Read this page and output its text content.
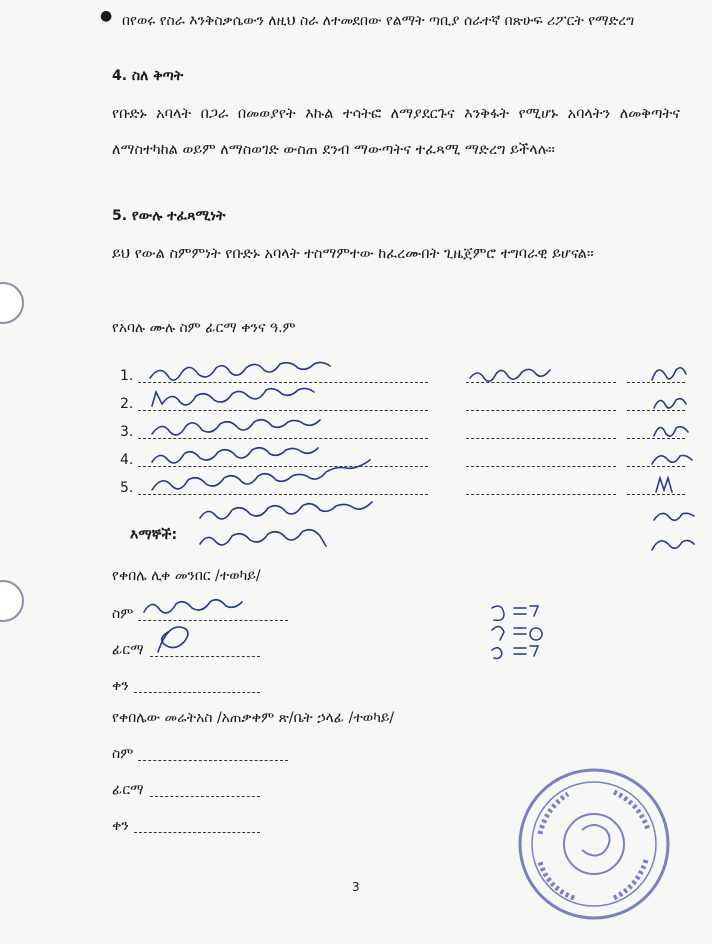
● በየወሩ የስራ እንቅስቃሴውን ለዚህ ስራ ለተመደበው የልማት ጣቢያ ሰራተኛ በጽሁፍ ሪፖርት የማድረግ
4. ስለ ቅጣት
የቡድኑ አባላት በጋራ በመወያየት እኩል ተሳትፎ ለማያደርጉና እንቅፋት የሚሆኑ አባላትን ለመቅጣትና ለማስተካከል ወይም ለማስወገድ ውስጠ ደንብ ማውጣትና ተፈጻሚ ማድረግ ይችላሉ፡፡
5. የውሉ ተፈጻሚነት
ይህ የውል ስምምነት የቡድኑ አባላት ተስማምተው ከፈረሙበት ጊዜጀምሮ ተግባራዊ ይሆናል፡፡
የአባሉ ሙሉ ስም ፊርማ ቀንና ዓ.ም
1.
2.
3.
4.
5.
እማኞች:
የቀበሌ ሊቀ መንበር /ተወካይ/
ስም
ፊርማ
ቀን
የቀበሌው መሬትአስ /አጠቃቀም ጽ/ቤት ኃላፊ /ተወካይ/
ስም
ፊርማ
ቀን
3
